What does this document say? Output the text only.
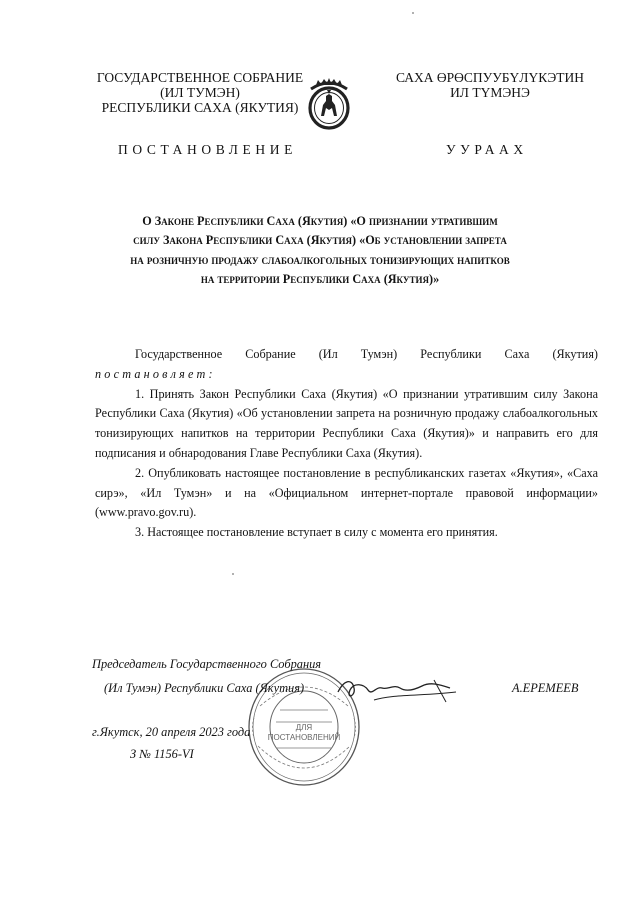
ГОСУДАРСТВЕННОЕ СОБРАНИЕ
(ИЛ ТУМЭН)
РЕСПУБЛИКИ САХА (ЯКУТИЯ)
САХА ӨРӨСПУУБҮЛҮКЭТИН
ИЛ ТҮМЭНЭ
ПОСТАНОВЛЕНИЕ	УУРААХ
О Законе Республики Саха (Якутия) «О признании утратившим
силу Закона Республики Саха (Якутия) «Об установлении запрета
на розничную продажу слабоалкогольных тонизирующих напитков
на территории Республики Саха (Якутия)»

Государственное Собрание (Ил Тумэн) Республики Саха (Якутия)

постановляет:

1. Принять Закон Республики Саха (Якутия) «О признании утратившим силу Закона Республики Саха (Якутия) «Об установлении запрета на розничную продажу слабоалкогольных тонизирующих напитков на территории Республики Саха (Якутия)» и направить его для подписания и обнародования Главе Республики Саха (Якутия).

2. Опубликовать настоящее постановление в республиканских газетах «Якутия», «Саха сирэ», «Ил Тумэн» и на «Официальном интернет-портале правовой информации» (www.pravo.gov.ru).

3. Настоящее постановление вступает в силу с момента его принятия.

ДЛЯ
ПОСТАНОВЛЕНИЙ
Председатель Государственного Собрания
(Ил Тумэн) Республики Саха (Якутия)	А.ЕРЕМЕЕВ
г.Якутск, 20 апреля 2023 года
З № 1156-VI
